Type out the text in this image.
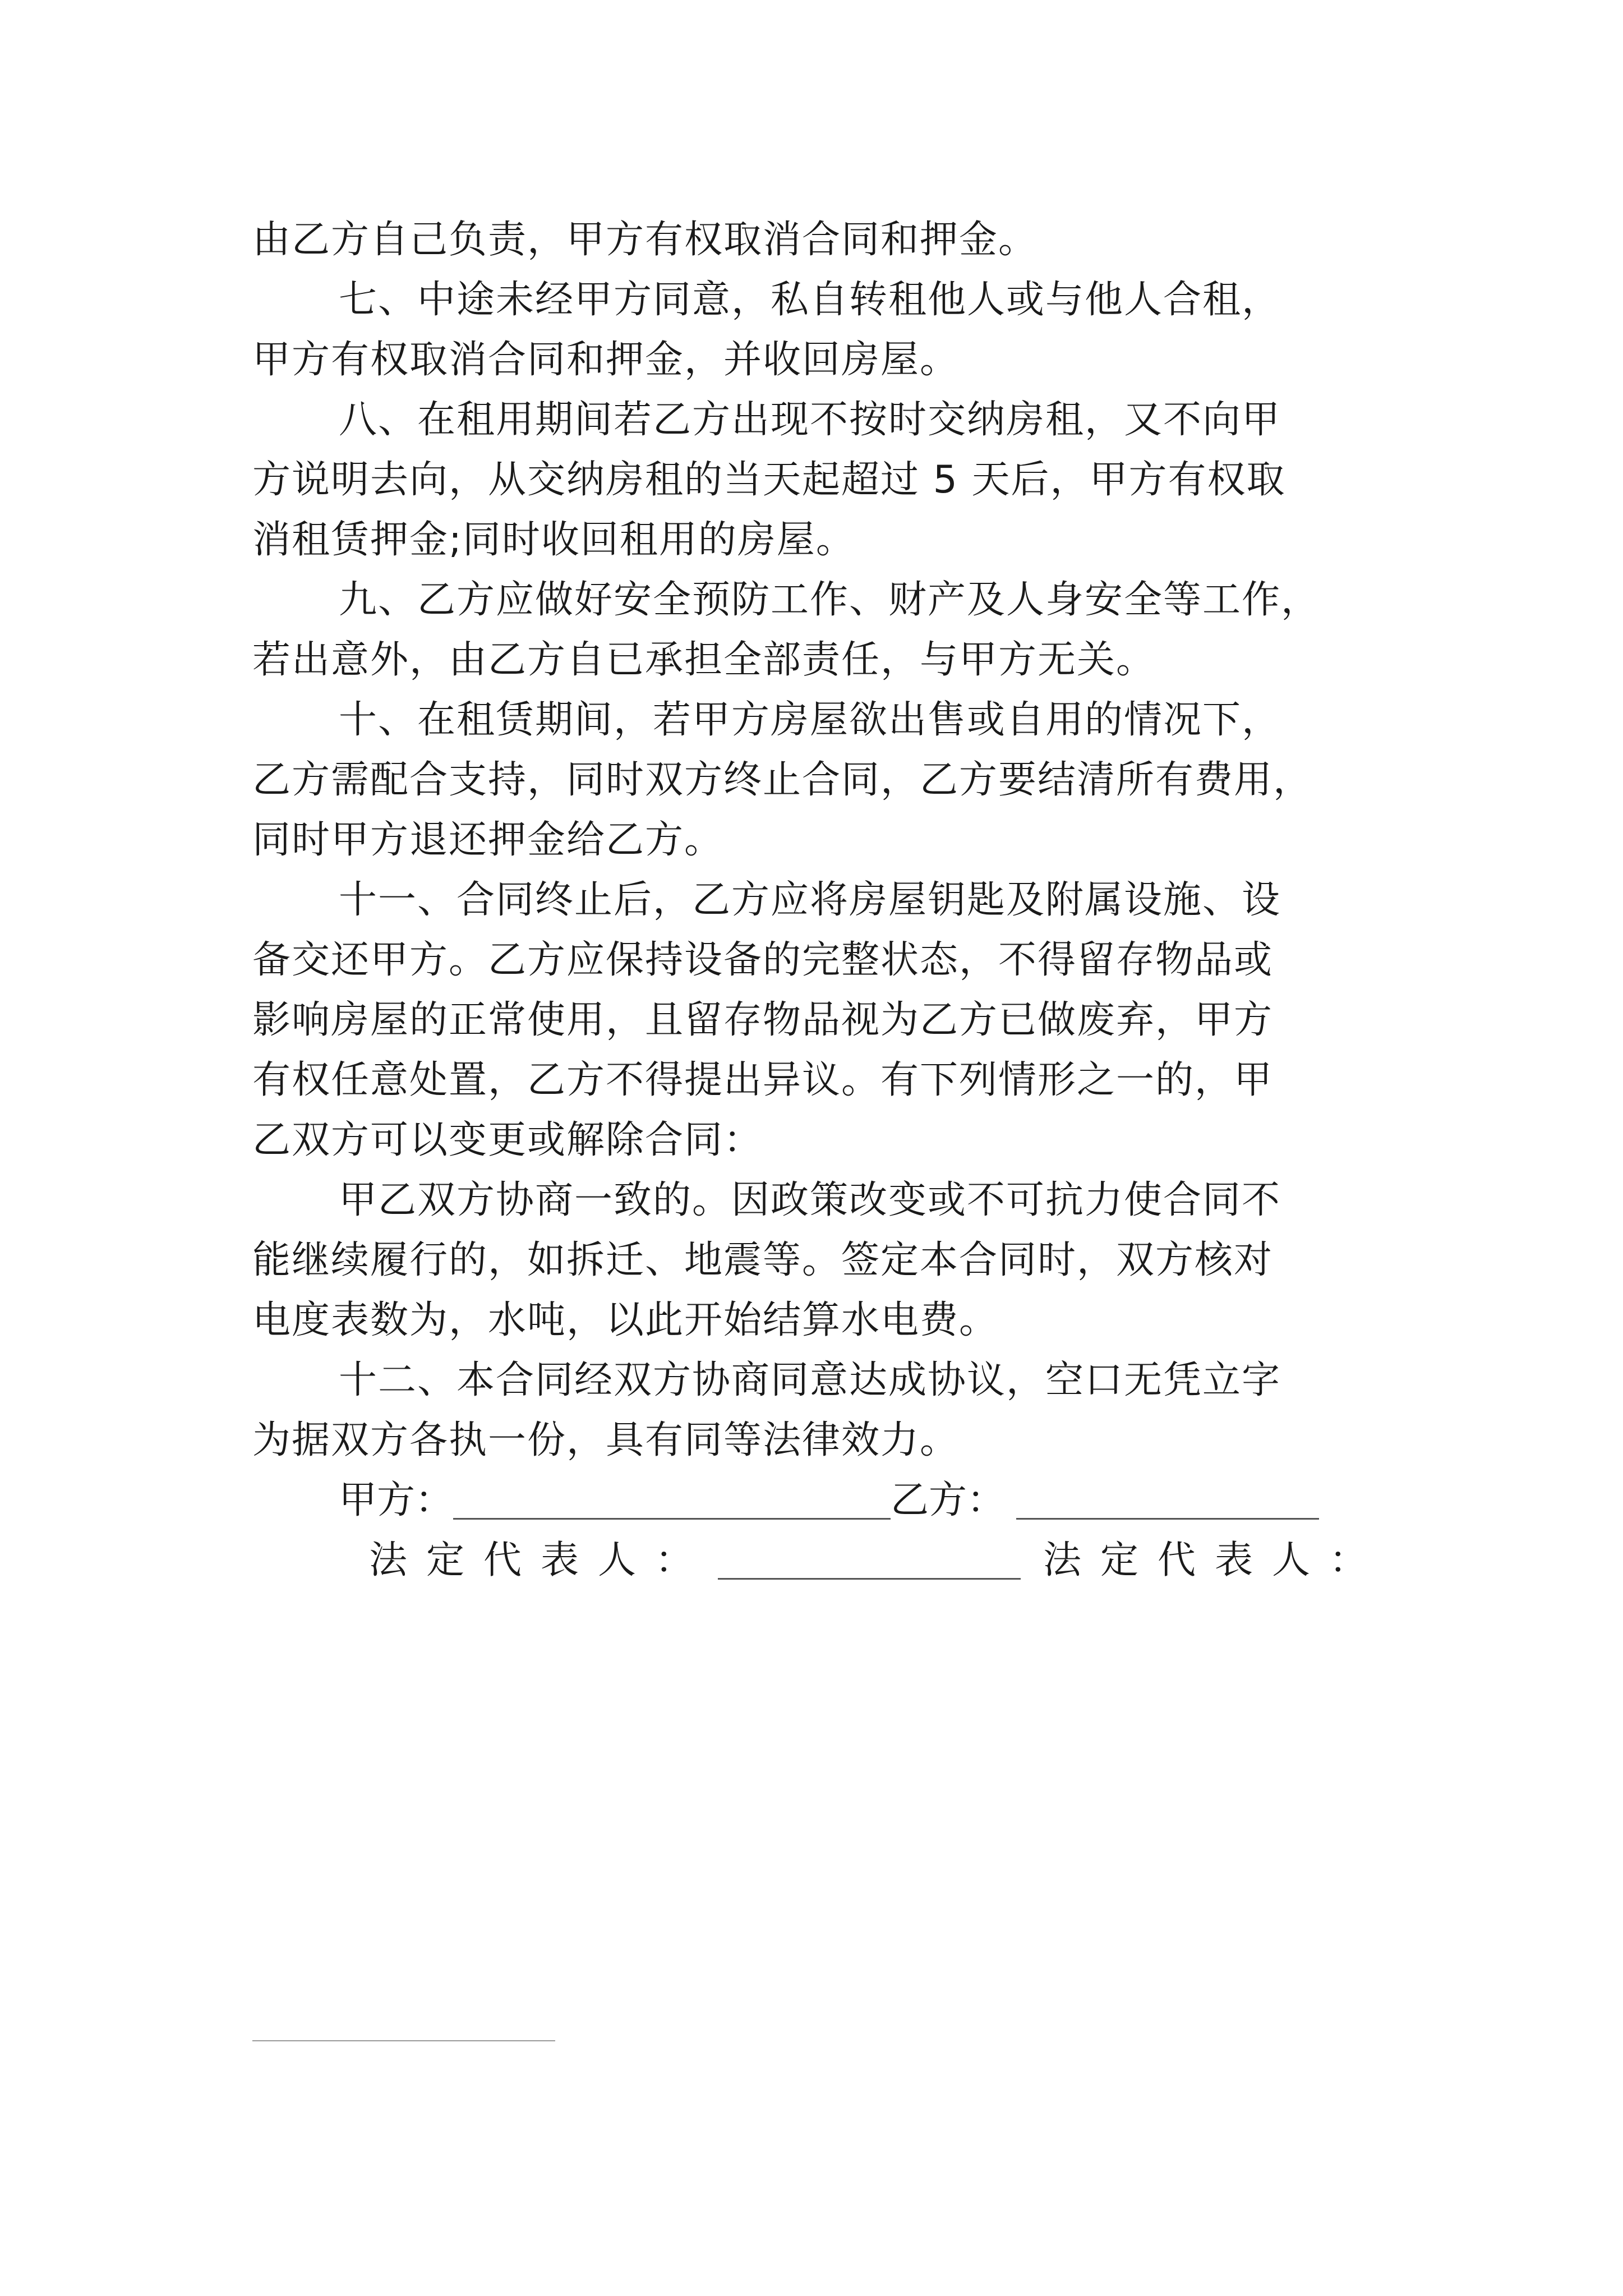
由乙方自己负责，甲方有权取消合同和押金。
七、中途未经甲方同意，私自转租他人或与他人合租，
甲方有权取消合同和押金，并收回房屋。
八、在租用期间若乙方出现不按时交纳房租，又不向甲
方说明去向，从交纳房租的当天起超过 5 天后，甲方有权取
消租赁押金;同时收回租用的房屋。
九、乙方应做好安全预防工作、财产及人身安全等工作，
若出意外，由乙方自已承担全部责任，与甲方无关。
十、在租赁期间，若甲方房屋欲出售或自用的情况下，
乙方需配合支持，同时双方终止合同，乙方要结清所有费用，
同时甲方退还押金给乙方。
十一、合同终止后，乙方应将房屋钥匙及附属设施、设
备交还甲方。乙方应保持设备的完整状态，不得留存物品或
影响房屋的正常使用，且留存物品视为乙方已做废弃，甲方
有权任意处置，乙方不得提出异议。有下列情形之一的，甲
乙双方可以变更或解除合同：
甲乙双方协商一致的。因政策改变或不可抗力使合同不
能继续履行的，如拆迁、地震等。签定本合同时，双方核对
电度表数为，水吨，以此开始结算水电费。
十二、本合同经双方协商同意达成协议，空口无凭立字
为据双方各执一份，具有同等法律效力。
甲方：	乙方：
法定代表人：	法定代表人：
